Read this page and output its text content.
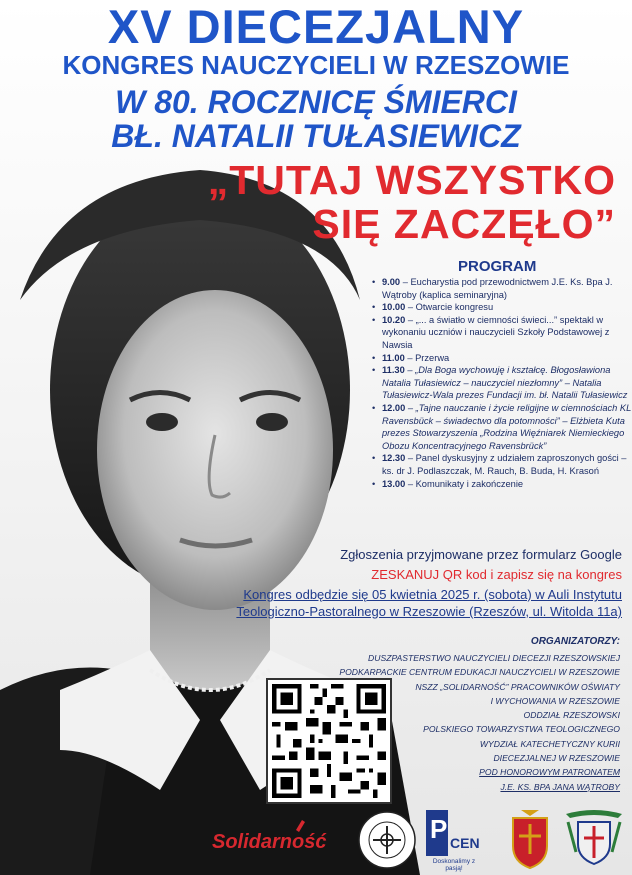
XV DIECEZJALNY
KONGRES NAUCZYCIELI W RZESZOWIE
W 80. ROCZNICĘ ŚMIERCI
BŁ. NATALII TUŁASIEWICZ
„TUTAJ WSZYSTKO
SIĘ ZACZĘŁO”
PROGRAM
• 9.00 – Eucharystia pod przewodnictwem J.E. Ks. Bpa J. Wątroby (kaplica seminaryjna)
• 10.00 – Otwarcie kongresu
• 10.20 – „... a światło w ciemności świeci...” spektakl w wykonaniu uczniów i nauczycieli Szkoły Podstawowej z Nawsia
• 11.00 – Przerwa
• 11.30 – „Dla Boga wychowuję i kształcę. Błogosławiona Natalia Tułasiewicz – nauczyciel niezłomny” – Natalia Tułasiewicz-Wala prezes Fundacji im. bł. Natalii Tułasiewicz
• 12.00 – „Tajne nauczanie i życie religijne w ciemnościach KL Ravensbück – świadectwo dla potomności” – Elżbieta Kuta prezes Stowarzyszenia „Rodzina Więźniarek Niemieckiego Obozu Koncentracyjnego Ravensbrück”
• 12.30 – Panel dyskusyjny z udziałem zaproszonych gości – ks. dr J. Podlaszczak, M. Rauch, B. Buda, H. Krasoń
• 13.00 – Komunikaty i zakończenie
Zgłoszenia przyjmowane przez formularz Google
ZESKANUJ QR kod i zapisz się na kongres
Kongres odbędzie się 05 kwietnia 2025 r. (sobota) w Auli Instytutu
Teologiczno-Pastoralnego w Rzeszowie (Rzeszów, ul. Witolda 11a)
ORGANIZATORZY:
DUSZPASTERSTWO NAUCZYCIELI DIECEZJI RZESZOWSKIEJ
PODKARPACKIE CENTRUM EDUKACJI NAUCZYCIELI W RZESZOWIE
NSZZ „SOLIDARNOŚĆ” PRACOWNIKÓW OŚWIATY
I WYCHOWANIA W RZESZOWIE
ODDZIAŁ RZESZOWSKI
POLSKIEGO TOWARZYSTWA TEOLOGICZNEGO
WYDZIAŁ KATECHETYCZNY KURII
DIECEZJALNEJ W RZESZOWIE
POD HONOROWYM PATRONATEM
J.E. KS. BPA JANA WĄTROBY
Solidarność	P CEN
Doskonalimy z pasją!
